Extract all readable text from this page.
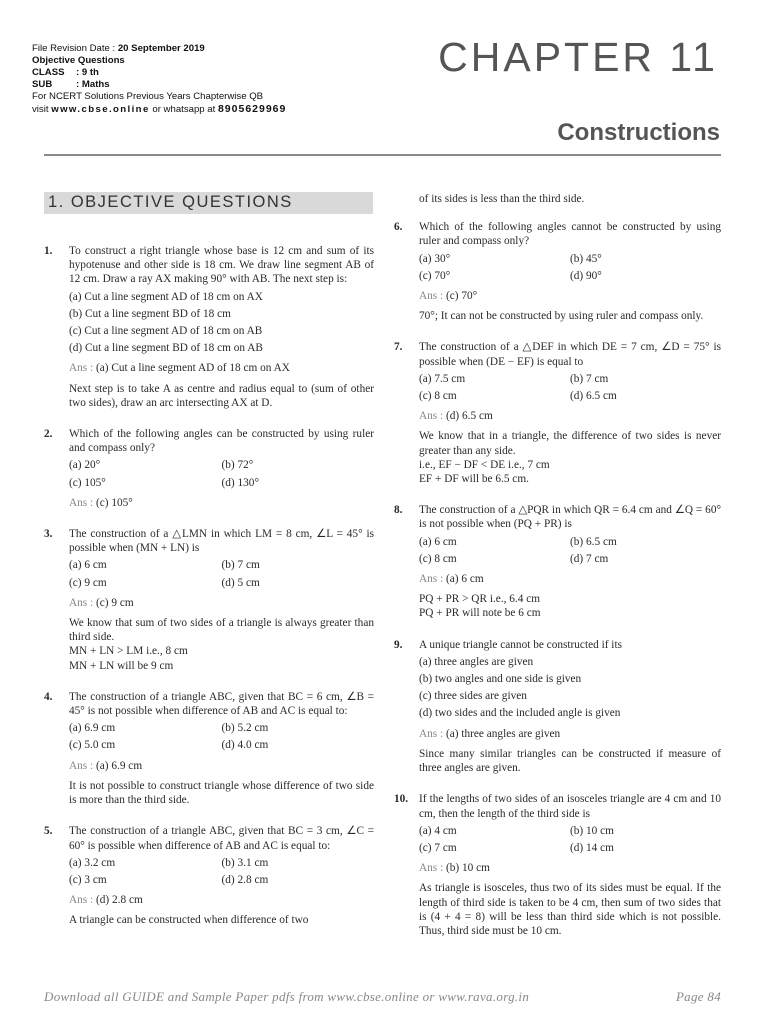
File Revision Date : 20 September 2019
Objective Questions
CLASS : 9 th
SUB : Maths
For NCERT Solutions Previous Years Chapterwise QB
visit www.cbse.online or whatsapp at 8905629969
CHAPTER 11
Constructions
1. OBJECTIVE QUESTIONS
1. To construct a right triangle whose base is 12 cm and sum of its hypotenuse and other side is 18 cm. We draw line segment AB of 12 cm. Draw a ray AX making 90° with AB. The next step is:
(a) Cut a line segment AD of 18 cm on AX
(b) Cut a line segment BD of 18 cm
(c) Cut a line segment AD of 18 cm on AB
(d) Cut a line segment BD of 18 cm on AB
Ans : (a) Cut a line segment AD of 18 cm on AX
Next step is to take A as centre and radius equal to (sum of other two sides), draw an arc intersecting AX at D.
2. Which of the following angles can be constructed by using ruler and compass only?
(a) 20°	(b) 72°
(c) 105°	(d) 130°
Ans : (c) 105°
3. The construction of a △LMN in which LM = 8 cm, ∠L = 45° is possible when (MN + LN) is
(a) 6 cm	(b) 7 cm
(c) 9 cm	(d) 5 cm
Ans : (c) 9 cm
We know that sum of two sides of a triangle is always greater than third side.
MN + LN > LM i.e., 8 cm
MN + LN will be 9 cm
4. The construction of a triangle ABC, given that BC = 6 cm, ∠B = 45° is not possible when difference of AB and AC is equal to:
(a) 6.9 cm	(b) 5.2 cm
(c) 5.0 cm	(d) 4.0 cm
Ans : (a) 6.9 cm
It is not possible to construct triangle whose difference of two side is more than the third side.
5. The construction of a triangle ABC, given that BC = 3 cm, ∠C = 60° is possible when difference of AB and AC is equal to:
(a) 3.2 cm	(b) 3.1 cm
(c) 3 cm	(d) 2.8 cm
Ans : (d) 2.8 cm
A triangle can be constructed when difference of two
of its sides is less than the third side.
6. Which of the following angles cannot be constructed by using ruler and compass only?
(a) 30°	(b) 45°
(c) 70°	(d) 90°
Ans : (c) 70°
70°; It can not be constructed by using ruler and compass only.
7. The construction of a △DEF in which DE = 7 cm, ∠D = 75° is possible when (DE − EF) is equal to
(a) 7.5 cm	(b) 7 cm
(c) 8 cm	(d) 6.5 cm
Ans : (d) 6.5 cm
We know that in a triangle, the difference of two sides is never greater than any side.
i.e., EF − DF < DE i.e., 7 cm
EF + DF will be 6.5 cm.
8. The construction of a △PQR in which QR = 6.4 cm and ∠Q = 60° is not possible when (PQ + PR) is
(a) 6 cm	(b) 6.5 cm
(c) 8 cm	(d) 7 cm
Ans : (a) 6 cm
PQ + PR > QR i.e., 6.4 cm
PQ + PR will note be 6 cm
9. A unique triangle cannot be constructed if its
(a) three angles are given
(b) two angles and one side is given
(c) three sides are given
(d) two sides and the included angle is given
Ans : (a) three angles are given
Since many similar triangles can be constructed if measure of three angles are given.
10. If the lengths of two sides of an isosceles triangle are 4 cm and 10 cm, then the length of the third side is
(a) 4 cm	(b) 10 cm
(c) 7 cm	(d) 14 cm
Ans : (b) 10 cm
As triangle is isosceles, thus two of its sides must be equal. If the length of third side is taken to be 4 cm, then sum of two sides that is (4 + 4 = 8) will be less than third side which is not possible. Thus, third side must be 10 cm.
Download all GUIDE and Sample Paper pdfs from www.cbse.online or www.rava.org.in	Page 84
